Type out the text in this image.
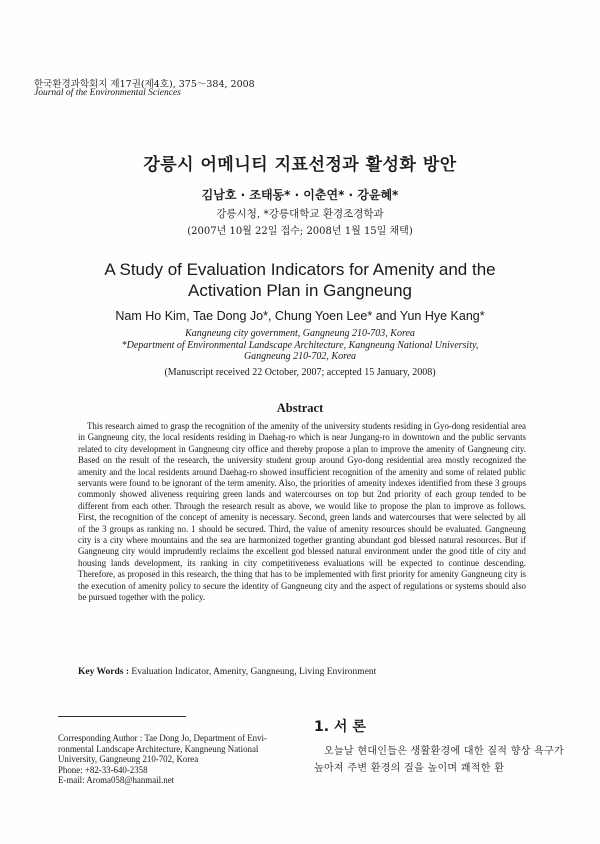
한국환경과학회지 제17권(제4호), 375～384, 2008
Journal of the Environmental Sciences
강릉시 어메니티 지표선정과 활성화 방안
김남호 · 조태동* · 이춘연* · 강윤혜*
강릉시청, *강릉대학교 환경조경학과
(2007년 10월 22일 접수; 2008년 1월 15일 채택)
A Study of Evaluation Indicators for Amenity and the
Activation Plan in Gangneung
Nam Ho Kim, Tae Dong Jo*, Chung Yoen Lee* and Yun Hye Kang*
Kangneung city government, Gangneung 210-703, Korea
*Department of Environmental Landscape Architecture, Kangneung National University,
Gangneung 210-702, Korea
(Manuscript received 22 October, 2007; accepted 15 January, 2008)
Abstract
This research aimed to grasp the recognition of the amenity of the university students residing in Gyo-dong residential area in Gangneung city, the local residents residing in Daehag-ro which is near Jungang-ro in downtown and the public servants related to city development in Gangneung city office and thereby propose a plan to improve the amenity of Gangneung city. Based on the result of the research, the university student group around Gyo-dong residential area mostly recognized the amenity and the local residents around Daehag-ro showed insufficient recognition of the amenity and some of related public servants were found to be ignorant of the term amenity. Also, the priorities of amenity indexes identified from these 3 groups commonly showed aliveness requiring green lands and watercourses on top but 2nd priority of each group tended to be different from each other. Through the research result as above, we would like to propose the plan to improve as follows. First, the recognition of the concept of amenity is necessary. Second, green lands and watercourses that were selected by all of the 3 groups as ranking no. 1 should be secured. Third, the value of amenity resources should be evaluated. Gangneung city is a city where mountains and the sea are harmonized together granting abundant god blessed natural resources. But if Gangneung city would imprudently reclaims the excellent god blessed natural environment under the good title of city and housing lands development, its ranking in city competitiveness evaluations will be expected to continue descending. Therefore, as proposed in this research, the thing that has to be implemented with first priority for amenity Gangneung city is the execution of amenity policy to secure the identity of Gangneung city and the aspect of regulations or systems should also be pursued together with the policy.
Key Words : Evaluation Indicator, Amenity, Gangneung, Living Environment
Corresponding Author : Tae Dong Jo, Department of Envi-
ronmental Landscape Architecture, Kangneung National
University, Gangneung 210-702, Korea
Phone: +82-33-640-2358
E-mail: Aroma058@hanmail.net
1. 서 론
오늘날 현대인들은 생활환경에 대한 질적 향상 욕구가 높아져 주변 환경의 질을 높이며 쾌적한 환
